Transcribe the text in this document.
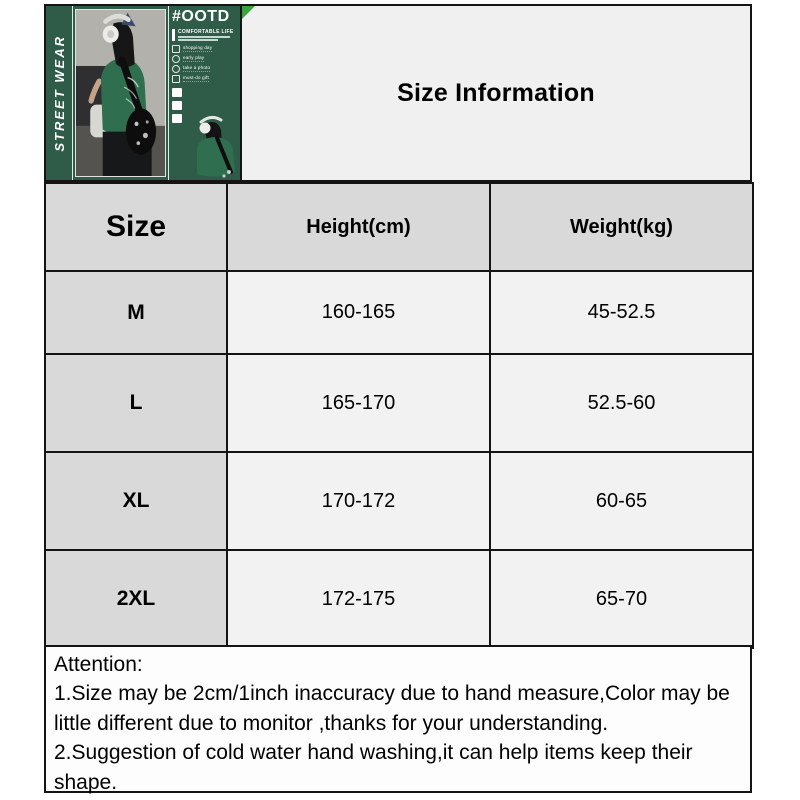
STREET WEAR
#OOTD
COMFORTABLE LIFE
shopping day
early play
take a photo
must-do gift
Size Information
Size	Height(cm)	Weight(kg)
M	160-165	45-52.5
L	165-170	52.5-60
XL	170-172	60-65
2XL	172-175	65-70
Attention:
1.Size may be 2cm/1inch inaccuracy due to hand measure,Color may be little different due to monitor ,thanks for your understanding.
2.Suggestion of cold water hand washing,it can help items keep their shape.
